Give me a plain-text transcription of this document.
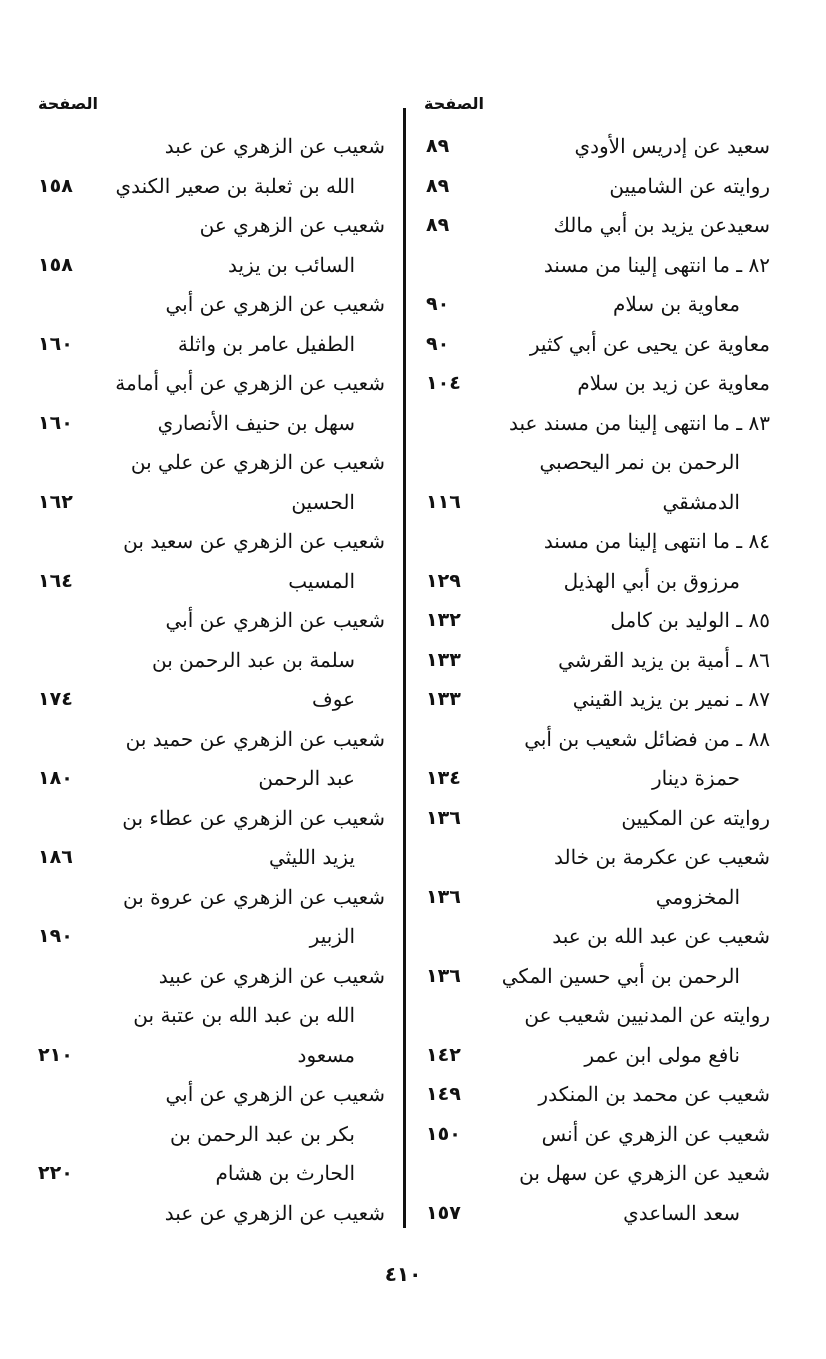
الصفحة
الصفحة
سعيد عن إدريس الأودي
٨٩
روايته عن الشاميين
٨٩
سعيدعن يزيد بن أبي مالك
٨٩
٨٢ ـ ما انتهى إلينا من مسند
معاوية بن سلام
٩٠
معاوية عن يحيى عن أبي كثير
٩٠
معاوية عن زيد بن سلام
١٠٤
٨٣ ـ ما انتهى إلينا من مسند عبد
الرحمن بن نمر اليحصبي
الدمشقي
١١٦
٨٤ ـ ما انتهى إلينا من مسند
مرزوق بن أبي الهذيل
١٢٩
٨٥ ـ الوليد بن كامل
١٣٢
٨٦ ـ أمية بن يزيد القرشي
١٣٣
٨٧ ـ نمير بن يزيد القيني
١٣٣
٨٨ ـ من فضائل شعيب بن أبي
حمزة دينار
١٣٤
روايته عن المكيين
١٣٦
شعيب عن عكرمة بن خالد
المخزومي
١٣٦
شعيب عن عبد الله بن عبد
الرحمن بن أبي حسين المكي
١٣٦
روايته عن المدنيين شعيب عن
نافع مولى ابن عمر
١٤٢
شعيب عن محمد بن المنكدر
١٤٩
شعيب عن الزهري عن أنس
١٥٠
شعيد عن الزهري عن سهل بن
سعد الساعدي
١٥٧
شعيب عن الزهري عن عبد
الله بن ثعلبة بن صعير الكندي
١٥٨
شعيب عن الزهري عن
السائب بن يزيد
١٥٨
شعيب عن الزهري عن أبي
الطفيل عامر بن واثلة
١٦٠
شعيب عن الزهري عن أبي أمامة
سهل بن حنيف الأنصاري
١٦٠
شعيب عن الزهري عن علي بن
الحسين
١٦٢
شعيب عن الزهري عن سعيد بن
المسيب
١٦٤
شعيب عن الزهري عن أبي
سلمة بن عبد الرحمن بن
عوف
١٧٤
شعيب عن الزهري عن حميد بن
عبد الرحمن
١٨٠
شعيب عن الزهري عن عطاء بن
يزيد الليثي
١٨٦
شعيب عن الزهري عن عروة بن
الزبير
١٩٠
شعيب عن الزهري عن عبيد
الله بن عبد الله بن عتبة بن
مسعود
٢١٠
شعيب عن الزهري عن أبي
بكر بن عبد الرحمن بن
الحارث بن هشام
٢٢٠
شعيب عن الزهري عن عبد
٤١٠
